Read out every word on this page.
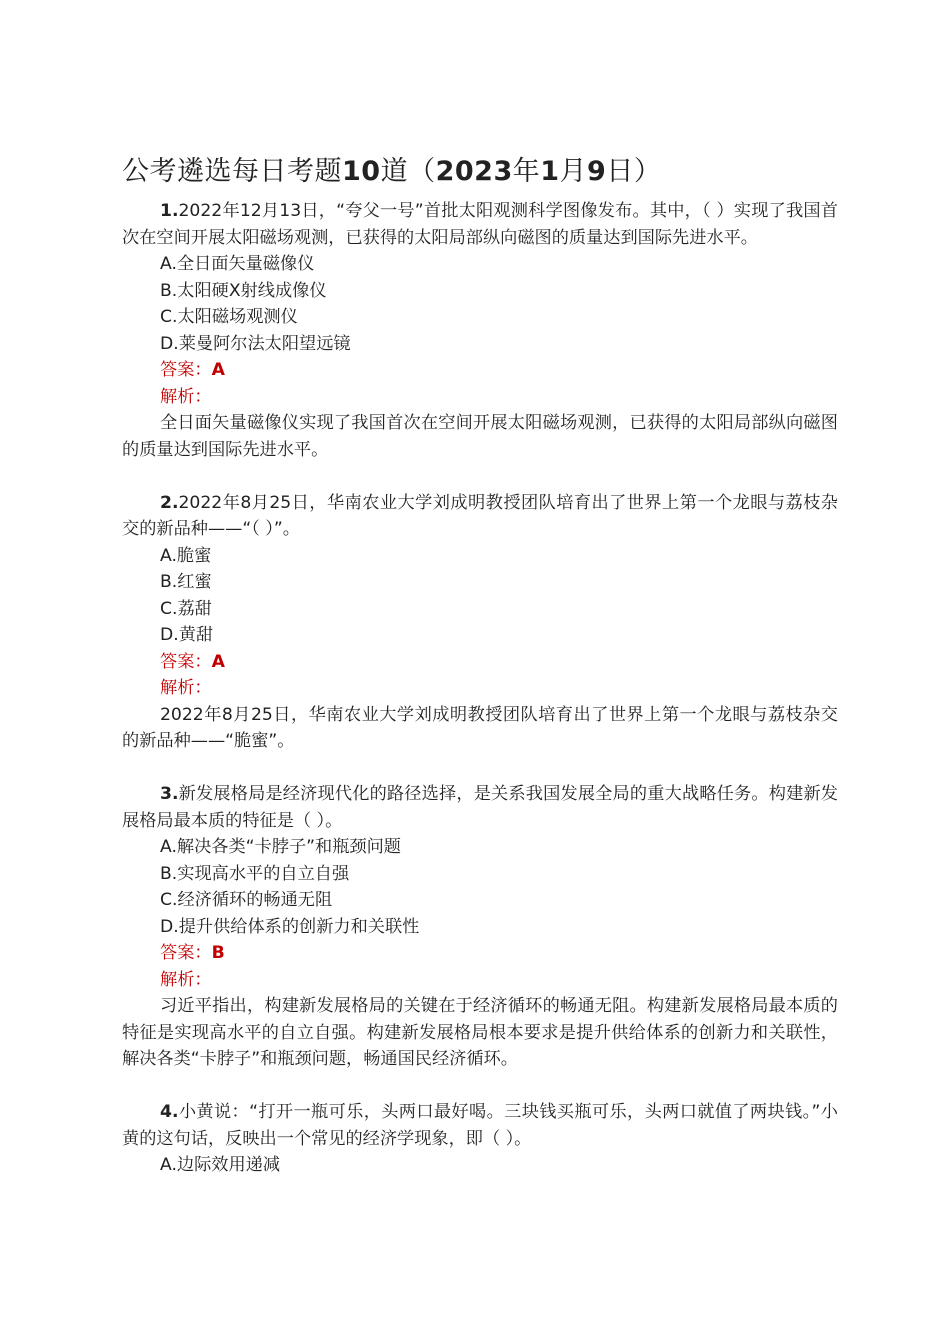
公考遴选每日考题10道（2023年1月9日）

1.2022年12月13日，“夸父一号”首批太阳观测科学图像发布。其中，（ ）实现了我国首次在空间开展太阳磁场观测，已获得的太阳局部纵向磁图的质量达到国际先进水平。

A.全日面矢量磁像仪

B.太阳硬X射线成像仪

C.太阳磁场观测仪

D.莱曼阿尔法太阳望远镜

答案：A

解析：

全日面矢量磁像仪实现了我国首次在空间开展太阳磁场观测，已获得的太阳局部纵向磁图的质量达到国际先进水平。

2.2022年8月25日，华南农业大学刘成明教授团队培育出了世界上第一个龙眼与荔枝杂交的新品种——“（ ）”。

A.脆蜜

B.红蜜

C.荔甜

D.黄甜

答案：A

解析：

2022年8月25日，华南农业大学刘成明教授团队培育出了世界上第一个龙眼与荔枝杂交的新品种——“脆蜜”。

3.新发展格局是经济现代化的路径选择，是关系我国发展全局的重大战略任务。构建新发展格局最本质的特征是（ ）。

A.解决各类“卡脖子”和瓶颈问题

B.实现高水平的自立自强

C.经济循环的畅通无阻

D.提升供给体系的创新力和关联性

答案：B

解析：

习近平指出，构建新发展格局的关键在于经济循环的畅通无阻。构建新发展格局最本质的特征是实现高水平的自立自强。构建新发展格局根本要求是提升供给体系的创新力和关联性，解决各类“卡脖子”和瓶颈问题，畅通国民经济循环。

4.小黄说：“打开一瓶可乐，头两口最好喝。三块钱买瓶可乐，头两口就值了两块钱。”小黄的这句话，反映出一个常见的经济学现象，即（ ）。

A.边际效用递减
